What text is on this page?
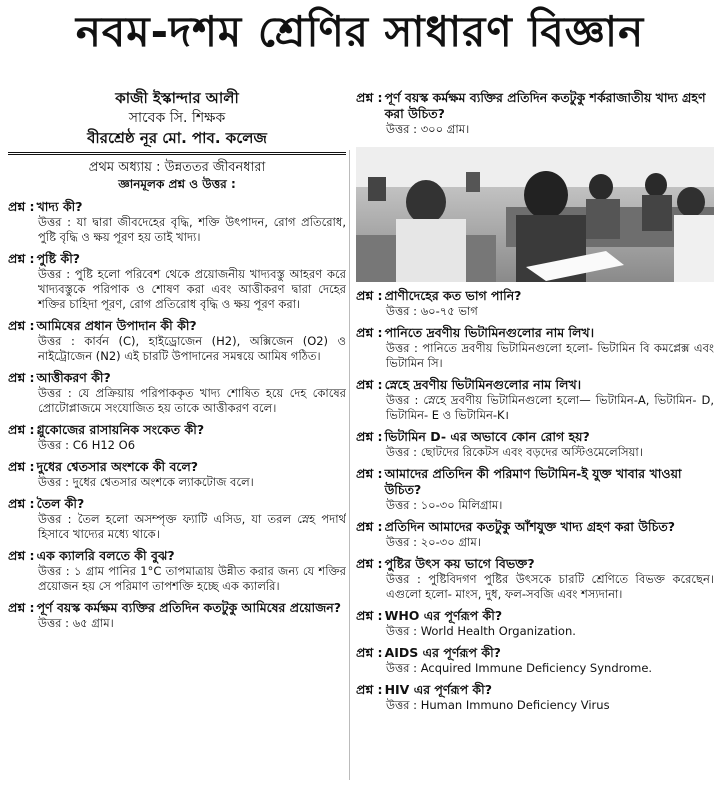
নবম-দশম শ্রেণির সাধারণ বিজ্ঞান
কাজী ইস্কান্দার আলী
সাবেক সি. শিক্ষক
বীরশ্রেষ্ঠ নূর মো. পাব. কলেজ
প্রথম অধ্যায় : উন্নততর জীবনধারা
জ্ঞানমূলক প্রশ্ন ও উত্তর :
প্রশ্ন : খাদ্য কী?
উত্তর : যা দ্বারা জীবদেহের বৃদ্ধি, শক্তি উৎপাদন, রোগ প্রতিরোধ, পুষ্টি বৃদ্ধি ও ক্ষয় পূরণ হয় তাই খাদ্য।
প্রশ্ন : পুষ্টি কী?
উত্তর : পুষ্টি হলো পরিবেশ থেকে প্রয়োজনীয় খাদ্যবস্তু আহরণ করে খাদ্যবস্তুকে পরিপাক ও শোষণ করা এবং আত্তীকরণ দ্বারা দেহের শক্তির চাহিদা পূরণ, রোগ প্রতিরোধ বৃদ্ধি ও ক্ষয় পূরণ করা।
প্রশ্ন : আমিষের প্রধান উপাদান কী কী?
উত্তর : কার্বন (C), হাইড্রোজেন (H2), অক্সিজেন (O2) ও নাইট্রোজেন (N2) এই চারটি উপাদানের সমন্বয়ে আমিষ গঠিত।
প্রশ্ন : আত্তীকরণ কী?
উত্তর : যে প্রক্রিয়ায় পরিপাককৃত খাদ্য শোষিত হয়ে দেহ কোষের প্রোটোপ্লাজমে সংযোজিত হয় তাকে আত্তীকরণ বলে।
প্রশ্ন : গ্লুকোজের রাসায়নিক সংকেত কী?
উত্তর : C6 H12 O6
প্রশ্ন : দুধের শ্বেতসার অংশকে কী বলে?
উত্তর : দুধের শ্বেতসার অংশকে ল্যাকটোজ বলে।
প্রশ্ন : তৈল কী?
উত্তর : তৈল হলো অসম্পৃক্ত ফ্যাটি এসিড, যা তরল স্নেহ পদার্থ হিসাবে খাদ্যের মধ্যে থাকে।
প্রশ্ন : এক ক্যালরি বলতে কী বুঝ?
উত্তর : ১ গ্রাম পানির 1°C তাপমাত্রায় উন্নীত করার জন্য যে শক্তির প্রয়োজন হয় সে পরিমাণ তাপশক্তি হচ্ছে এক ক্যালরি।
প্রশ্ন : পূর্ণ বয়স্ক কর্মক্ষম ব্যক্তির প্রতিদিন কতটুকু আমিষের প্রয়োজন?
উত্তর : ৬৫ গ্রাম।
প্রশ্ন : পূর্ণ বয়স্ক কর্মক্ষম ব্যক্তির প্রতিদিন কতটুকু শর্করাজাতীয় খাদ্য গ্রহণ করা উচিত?
উত্তর : ৩০০ গ্রাম।
প্রশ্ন : প্রাণীদেহের কত ভাগ পানি?
উত্তর : ৬০-৭৫ ভাগ
প্রশ্ন : পানিতে দ্রবণীয় ভিটামিনগুলোর নাম লিখ।
উত্তর : পানিতে দ্রবণীয় ভিটামিনগুলো হলো- ভিটামিন বি কমপ্লেক্স এবং ভিটামিন সি।
প্রশ্ন : স্নেহে দ্রবণীয় ভিটামিনগুলোর নাম লিখ।
উত্তর : স্নেহে দ্রবণীয় ভিটামিনগুলো হলো— ভিটামিন-A, ভিটামিন- D, ভিটামিন- E ও ভিটামিন-K।
প্রশ্ন : ভিটামিন D- এর অভাবে কোন রোগ হয়?
উত্তর : ছোটদের রিকেটস এবং বড়দের অস্টিওমেলেসিয়া।
প্রশ্ন : আমাদের প্রতিদিন কী পরিমাণ ভিটামিন-ই যুক্ত খাবার খাওয়া উচিত?
উত্তর : ১০-৩০ মিলিগ্রাম।
প্রশ্ন : প্রতিদিন আমাদের কতটুকু আঁশযুক্ত খাদ্য গ্রহণ করা উচিত?
উত্তর : ২০-৩০ গ্রাম।
প্রশ্ন : পুষ্টির উৎস কয় ভাগে বিভক্ত?
উত্তর : পুষ্টিবিদগণ পুষ্টির উৎসকে চারটি শ্রেণিতে বিভক্ত করেছেন। এগুলো হলো- মাংস, দুধ, ফল-সবজি এবং শস্যদানা।
প্রশ্ন : WHO এর পূর্ণরূপ কী?
উত্তর : World Health Organization.
প্রশ্ন : AIDS এর পূর্ণরূপ কী?
উত্তর : Acquired Immune Deficiency Syndrome.
প্রশ্ন : HIV এর পূর্ণরূপ কী?
উত্তর : Human Immuno Deficiency Virus
